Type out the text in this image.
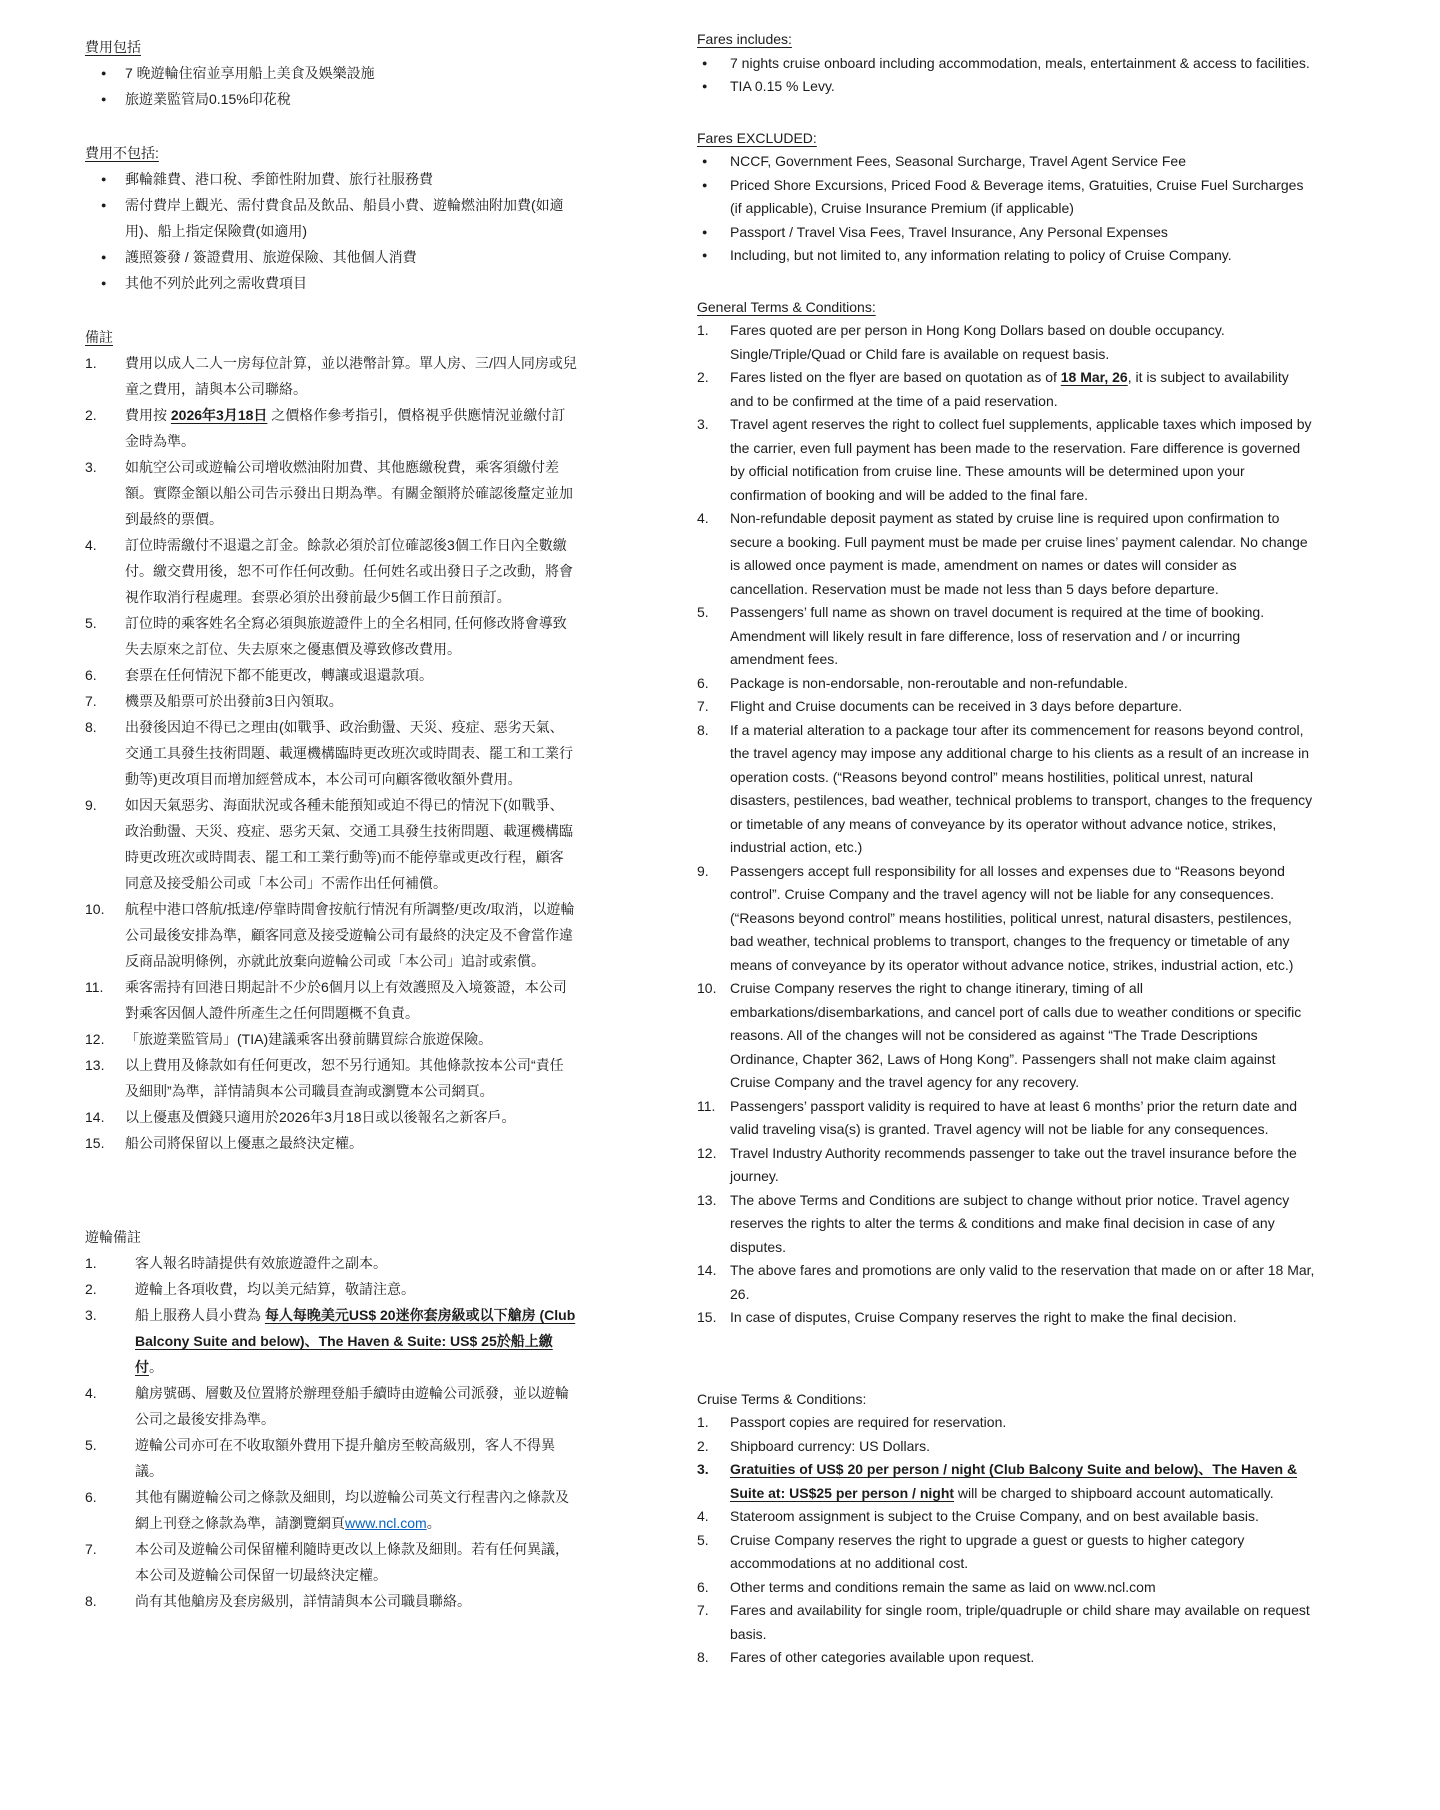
費用包括
●	7 晚遊輪住宿並享用船上美食及娛樂設施
●	旅遊業監管局0.15%印花稅
費用不包括:
●	郵輪雜費、港口稅、季節性附加費、旅行社服務費
●	需付費岸上觀光、需付費食品及飲品、船員小費、遊輪燃油附加費(如適用)、船上指定保險費(如適用)
●	護照簽發 / 簽證費用、旅遊保險、其他個人消費
●	其他不列於此列之需收費項目
備註
1.	費用以成人二人一房每位計算，並以港幣計算。單人房、三/四人同房或兒童之費用，請與本公司聯絡。
2.	費用按 2026年3月18日 之價格作參考指引，價格視乎供應情況並繳付訂金時為準。
3.	如航空公司或遊輪公司增收燃油附加費、其他應繳稅費，乘客須繳付差額。實際金額以船公司告示發出日期為準。有關金額將於確認後釐定並加到最終的票價。
4.	訂位時需繳付不退還之訂金。餘款必須於訂位確認後3個工作日內全數繳付。繳交費用後，恕不可作任何改動。任何姓名或出發日子之改動，將會視作取消行程處理。套票必須於出發前最少5個工作日前預訂。
5.	訂位時的乘客姓名全寫必須與旅遊證件上的全名相同, 任何修改將會導致失去原來之訂位、失去原來之優惠價及導致修改費用。
6.	套票在任何情況下都不能更改，轉讓或退還款項。
7.	機票及船票可於出發前3日內領取。
8.	出發後因迫不得已之理由(如戰爭、政治動盪、天災、疫症、惡劣天氣、交通工具發生技術問題、載運機構臨時更改班次或時間表、罷工和工業行動等)更改項目而增加經營成本，本公司可向顧客徵收額外費用。
9.	如因天氣惡劣、海面狀況或各種未能預知或迫不得已的情況下(如戰爭、政治動盪、天災、疫症、惡劣天氣、交通工具發生技術問題、載運機構臨時更改班次或時間表、罷工和工業行動等)而不能停靠或更改行程，顧客同意及接受船公司或「本公司」不需作出任何補償。
10.	航程中港口啓航/抵達/停靠時間會按航行情況有所調整/更改/取消，以遊輪公司最後安排為準，顧客同意及接受遊輪公司有最終的決定及不會當作違反商品說明條例，亦就此放棄向遊輪公司或「本公司」追討或索償。
11.	乘客需持有回港日期起計不少於6個月以上有效護照及入境簽證，本公司對乘客因個人證件所產生之任何問題概不負責。
12.	「旅遊業監管局」(TIA)建議乘客出發前購買綜合旅遊保險。
13.	以上費用及條款如有任何更改，恕不另行通知。其他條款按本公司“責任及細則”為準，詳情請與本公司職員查詢或瀏覽本公司網頁。
14.	以上優惠及價錢只適用於2026年3月18日或以後報名之新客戶。
15.	船公司將保留以上優惠之最終決定權。
遊輪備註
1.	客人報名時請提供有效旅遊證件之副本。
2.	遊輪上各項收費，均以美元結算，敬請注意。
3.	船上服務人員小費為 每人每晚美元US$ 20迷你套房級或以下艙房 (Club Balcony Suite and below)、The Haven & Suite: US$ 25於船上繳付。
4.	艙房號碼、層數及位置將於辦理登船手續時由遊輪公司派發，並以遊輪公司之最後安排為準。
5.	遊輪公司亦可在不收取額外費用下提升艙房至較高級別，客人不得異議。
6.	其他有關遊輪公司之條款及細則，均以遊輪公司英文行程書內之條款及網上刊登之條款為準，請瀏覽網頁www.ncl.com。
7.	本公司及遊輪公司保留權利隨時更改以上條款及細則。若有任何異議，本公司及遊輪公司保留一切最終決定權。
8.	尚有其他艙房及套房級別，詳情請與本公司職員聯絡。
Fares includes:
●	7 nights cruise onboard including accommodation, meals, entertainment & access to facilities.
●	TIA 0.15 % Levy.
Fares EXCLUDED:
●	NCCF, Government Fees, Seasonal Surcharge, Travel Agent Service Fee
●	Priced Shore Excursions, Priced Food & Beverage items, Gratuities, Cruise Fuel Surcharges (if applicable), Cruise Insurance Premium (if applicable)
●	Passport / Travel Visa Fees, Travel Insurance, Any Personal Expenses
●	Including, but not limited to, any information relating to policy of Cruise Company.
General Terms & Conditions:
1.	Fares quoted are per person in Hong Kong Dollars based on double occupancy. Single/Triple/Quad or Child fare is available on request basis.
2.	Fares listed on the flyer are based on quotation as of 18 Mar, 26, it is subject to availability and to be confirmed at the time of a paid reservation.
3.	Travel agent reserves the right to collect fuel supplements, applicable taxes which imposed by the carrier, even full payment has been made to the reservation. Fare difference is governed by official notification from cruise line. These amounts will be determined upon your confirmation of booking and will be added to the final fare.
4.	Non-refundable deposit payment as stated by cruise line is required upon confirmation to secure a booking. Full payment must be made per cruise lines’ payment calendar. No change is allowed once payment is made, amendment on names or dates will consider as cancellation. Reservation must be made not less than 5 days before departure.
5.	Passengers’ full name as shown on travel document is required at the time of booking. Amendment will likely result in fare difference, loss of reservation and / or incurring amendment fees.
6.	Package is non-endorsable, non-reroutable and non-refundable.
7.	Flight and Cruise documents can be received in 3 days before departure.
8.	If a material alteration to a package tour after its commencement for reasons beyond control, the travel agency may impose any additional charge to his clients as a result of an increase in operation costs. (“Reasons beyond control” means hostilities, political unrest, natural disasters, pestilences, bad weather, technical problems to transport, changes to the frequency or timetable of any means of conveyance by its operator without advance notice, strikes, industrial action, etc.)
9.	Passengers accept full responsibility for all losses and expenses due to “Reasons beyond control”. Cruise Company and the travel agency will not be liable for any consequences. (“Reasons beyond control” means hostilities, political unrest, natural disasters, pestilences, bad weather, technical problems to transport, changes to the frequency or timetable of any means of conveyance by its operator without advance notice, strikes, industrial action, etc.)
10. Cruise Company reserves the right to change itinerary, timing of all embarkations/disembarkations, and cancel port of calls due to weather conditions or specific reasons. All of the changes will not be considered as against “The Trade Descriptions Ordinance, Chapter 362, Laws of Hong Kong”. Passengers shall not make claim against Cruise Company and the travel agency for any recovery.
11.	Passengers’ passport validity is required to have at least 6 months’ prior the return date and valid traveling visa(s) is granted. Travel agency will not be liable for any consequences.
12. Travel Industry Authority recommends passenger to take out the travel insurance before the journey.
13. The above Terms and Conditions are subject to change without prior notice. Travel agency reserves the rights to alter the terms & conditions and make final decision in case of any disputes.
14. The above fares and promotions are only valid to the reservation that made on or after 18 Mar, 26.
15. In case of disputes, Cruise Company reserves the right to make the final decision.
Cruise Terms & Conditions:
1.	Passport copies are required for reservation.
2.	Shipboard currency: US Dollars.
3.	Gratuities of US$ 20 per person / night (Club Balcony Suite and below)、The Haven & Suite at: US$25 per person / night will be charged to shipboard account automatically.
4.	Stateroom assignment is subject to the Cruise Company, and on best available basis.
5.	Cruise Company reserves the right to upgrade a guest or guests to higher category accommodations at no additional cost.
6.	Other terms and conditions remain the same as laid on www.ncl.com
7.	Fares and availability for single room, triple/quadruple or child share may available on request basis.
8.	Fares of other categories available upon request.
